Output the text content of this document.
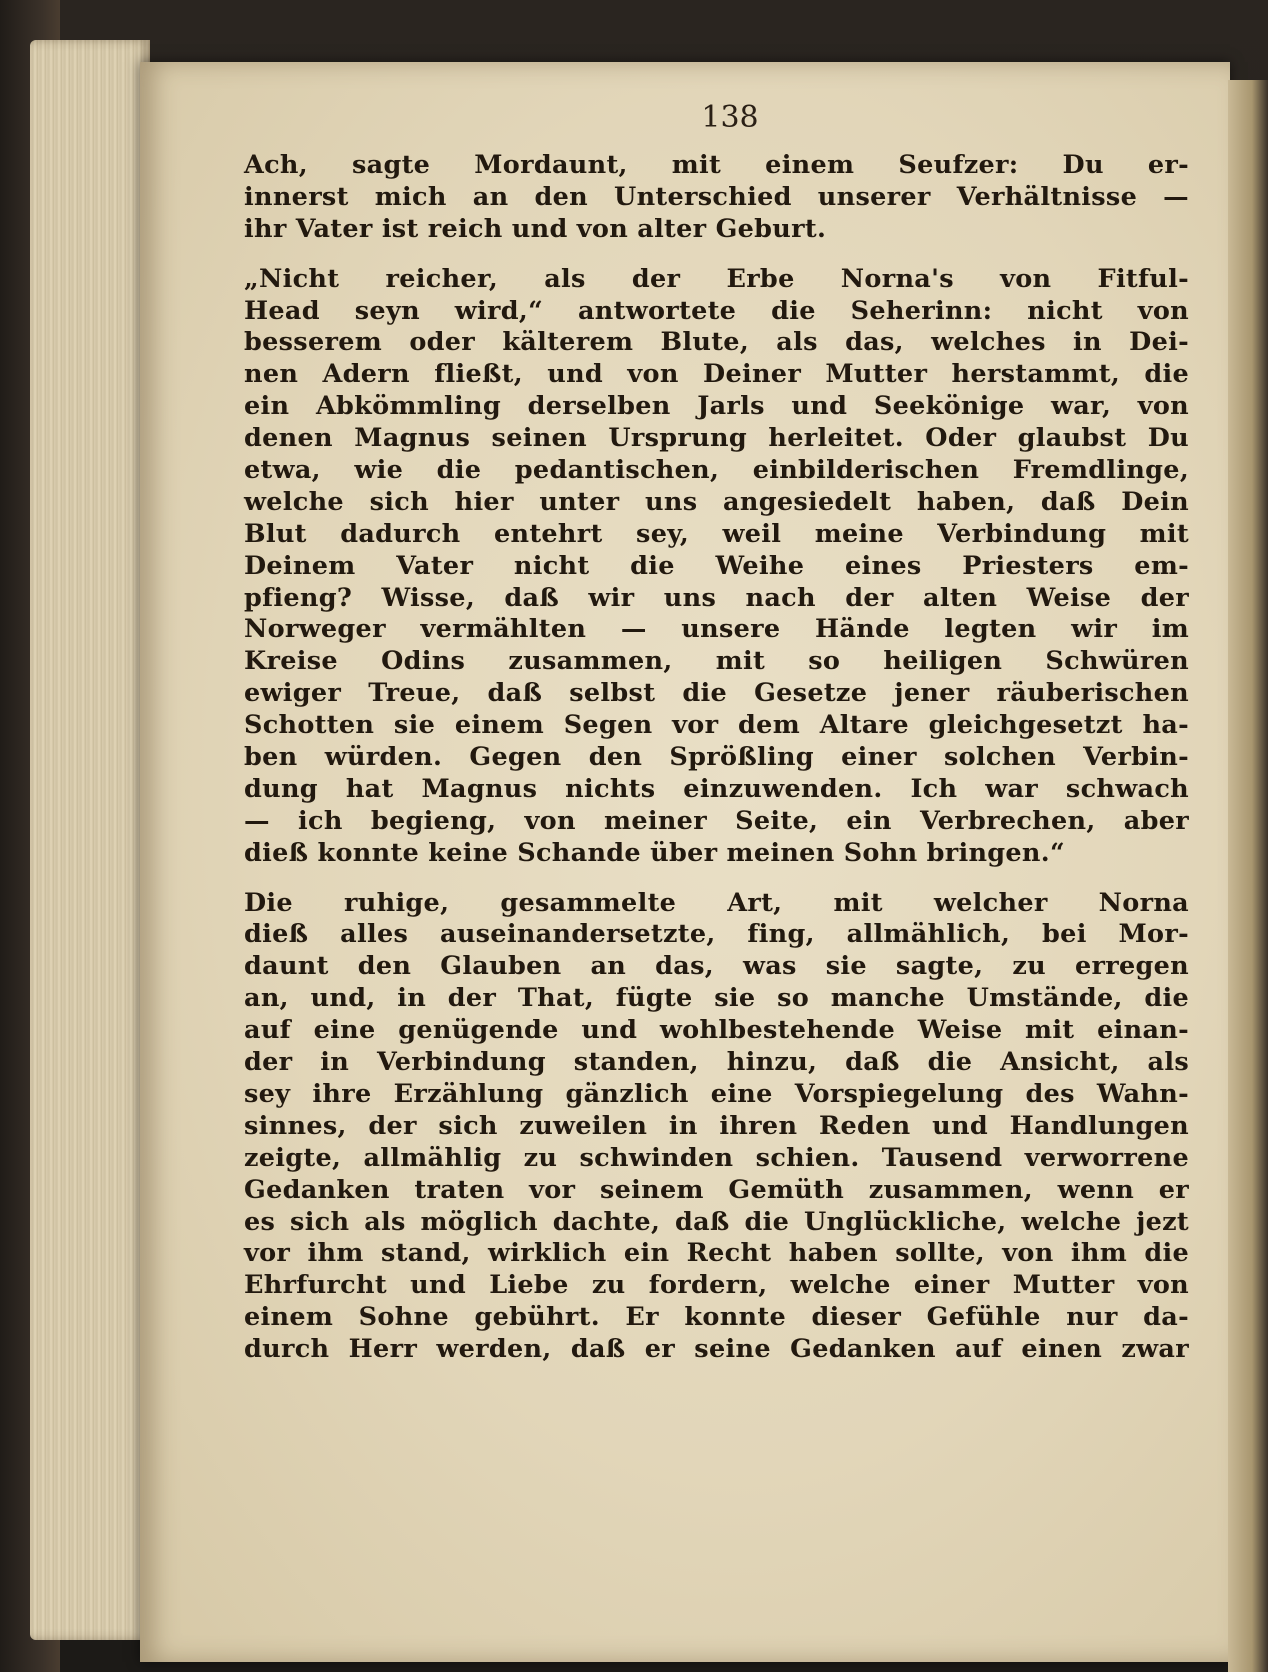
138
Ach, sagte Mordaunt, mit einem Seufzer: Du er-
innerst mich an den Unterschied unserer Verhältnisse —
ihr Vater ist reich und von alter Geburt.
„Nicht reicher, als der Erbe Norna's von Fitful-
Head seyn wird,“ antwortete die Seherinn: nicht von
besserem oder kälterem Blute, als das, welches in Dei-
nen Adern fließt, und von Deiner Mutter herstammt, die
ein Abkömmling derselben Jarls und Seekönige war, von
denen Magnus seinen Ursprung herleitet. Oder glaubst Du
etwa, wie die pedantischen, einbilderischen Fremdlinge,
welche sich hier unter uns angesiedelt haben, daß Dein
Blut dadurch entehrt sey, weil meine Verbindung mit
Deinem Vater nicht die Weihe eines Priesters em-
pfieng? Wisse, daß wir uns nach der alten Weise der
Norweger vermählten — unsere Hände legten wir im
Kreise Odins zusammen, mit so heiligen Schwüren
ewiger Treue, daß selbst die Gesetze jener räuberischen
Schotten sie einem Segen vor dem Altare gleichgesetzt ha-
ben würden. Gegen den Sprößling einer solchen Verbin-
dung hat Magnus nichts einzuwenden. Ich war schwach
— ich begieng, von meiner Seite, ein Verbrechen, aber
dieß konnte keine Schande über meinen Sohn bringen.“
Die ruhige, gesammelte Art, mit welcher Norna
dieß alles auseinandersetzte, fing, allmählich, bei Mor-
daunt den Glauben an das, was sie sagte, zu erregen
an, und, in der That, fügte sie so manche Umstände, die
auf eine genügende und wohlbestehende Weise mit einan-
der in Verbindung standen, hinzu, daß die Ansicht, als
sey ihre Erzählung gänzlich eine Vorspiegelung des Wahn-
sinnes, der sich zuweilen in ihren Reden und Handlungen
zeigte, allmählig zu schwinden schien. Tausend verworrene
Gedanken traten vor seinem Gemüth zusammen, wenn er
es sich als möglich dachte, daß die Unglückliche, welche jezt
vor ihm stand, wirklich ein Recht haben sollte, von ihm die
Ehrfurcht und Liebe zu fordern, welche einer Mutter von
einem Sohne gebührt. Er konnte dieser Gefühle nur da-
durch Herr werden, daß er seine Gedanken auf einen zwar
